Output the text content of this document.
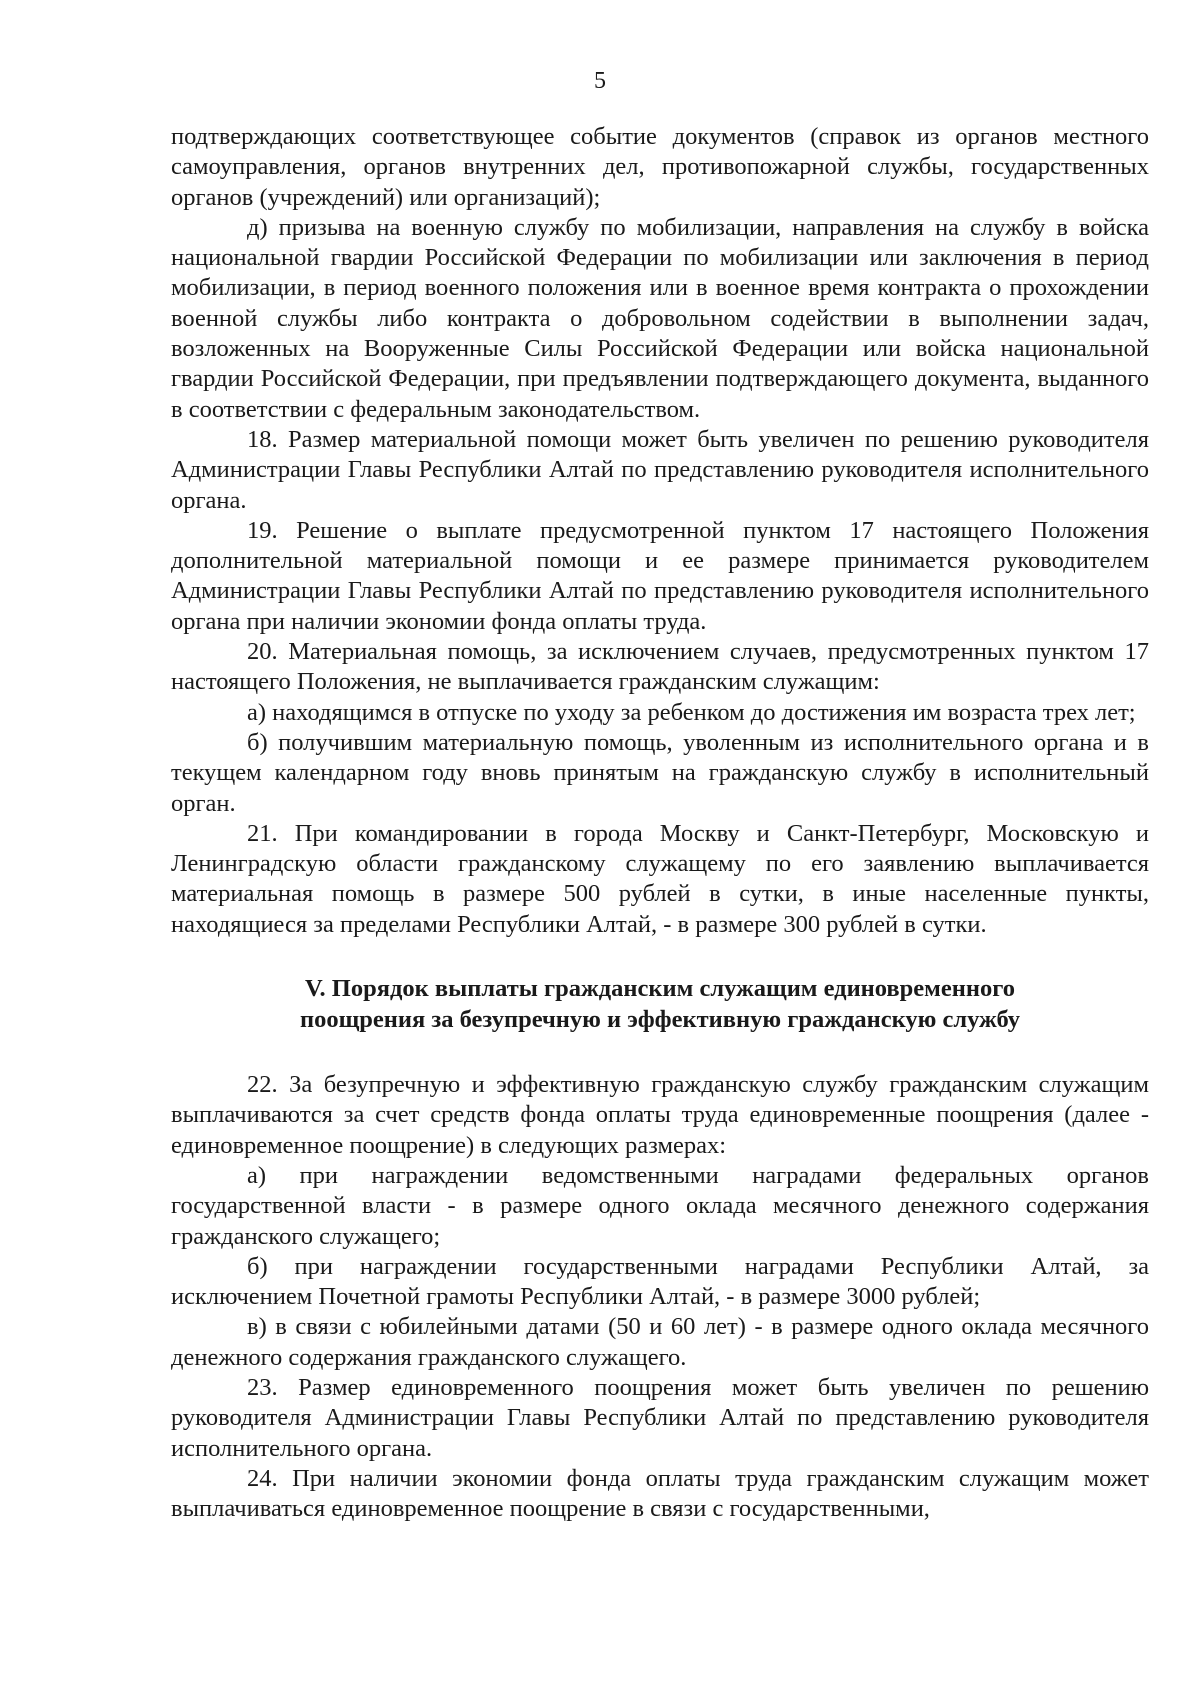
5

подтверждающих соответствующее событие документов (справок из органов местного самоуправления, органов внутренних дел, противопожарной службы, государственных органов (учреждений) или организаций);

д) призыва на военную службу по мобилизации, направления на службу в войска национальной гвардии Российской Федерации по мобилизации или заключения в период мобилизации, в период военного положения или в военное время контракта о прохождении военной службы либо контракта о добровольном содействии в выполнении задач, возложенных на Вооруженные Силы Российской Федерации или войска национальной гвардии Российской Федерации, при предъявлении подтверждающего документа, выданного в соответствии с федеральным законодательством.

18. Размер материальной помощи может быть увеличен по решению руководителя Администрации Главы Республики Алтай по представлению руководителя исполнительного органа.

19. Решение о выплате предусмотренной пунктом 17 настоящего Положения дополнительной материальной помощи и ее размере принимается руководителем Администрации Главы Республики Алтай по представлению руководителя исполнительного органа при наличии экономии фонда оплаты труда.

20. Материальная помощь, за исключением случаев, предусмотренных пунктом 17 настоящего Положения, не выплачивается гражданским служащим:

а) находящимся в отпуске по уходу за ребенком до достижения им возраста трех лет;

б) получившим материальную помощь, уволенным из исполнительного органа и в текущем календарном году вновь принятым на гражданскую службу в исполнительный орган.

21. При командировании в города Москву и Санкт-Петербург, Московскую и Ленинградскую области гражданскому служащему по его заявлению выплачивается материальная помощь в размере 500 рублей в сутки, в иные населенные пункты, находящиеся за пределами Республики Алтай, - в размере 300 рублей в сутки.

V. Порядок выплаты гражданским служащим единовременного
поощрения за безупречную и эффективную гражданскую службу

22. За безупречную и эффективную гражданскую службу гражданским служащим выплачиваются за счет средств фонда оплаты труда единовременные поощрения (далее - единовременное поощрение) в следующих размерах:

а) при награждении ведомственными наградами федеральных органов государственной власти - в размере одного оклада месячного денежного содержания гражданского служащего;

б) при награждении государственными наградами Республики Алтай, за исключением Почетной грамоты Республики Алтай, - в размере 3000 рублей;

в) в связи с юбилейными датами (50 и 60 лет) - в размере одного оклада месячного денежного содержания гражданского служащего.

23. Размер единовременного поощрения может быть увеличен по решению руководителя Администрации Главы Республики Алтай по представлению руководителя исполнительного органа.

24. При наличии экономии фонда оплаты труда гражданским служащим может выплачиваться единовременное поощрение в связи с государственными,
